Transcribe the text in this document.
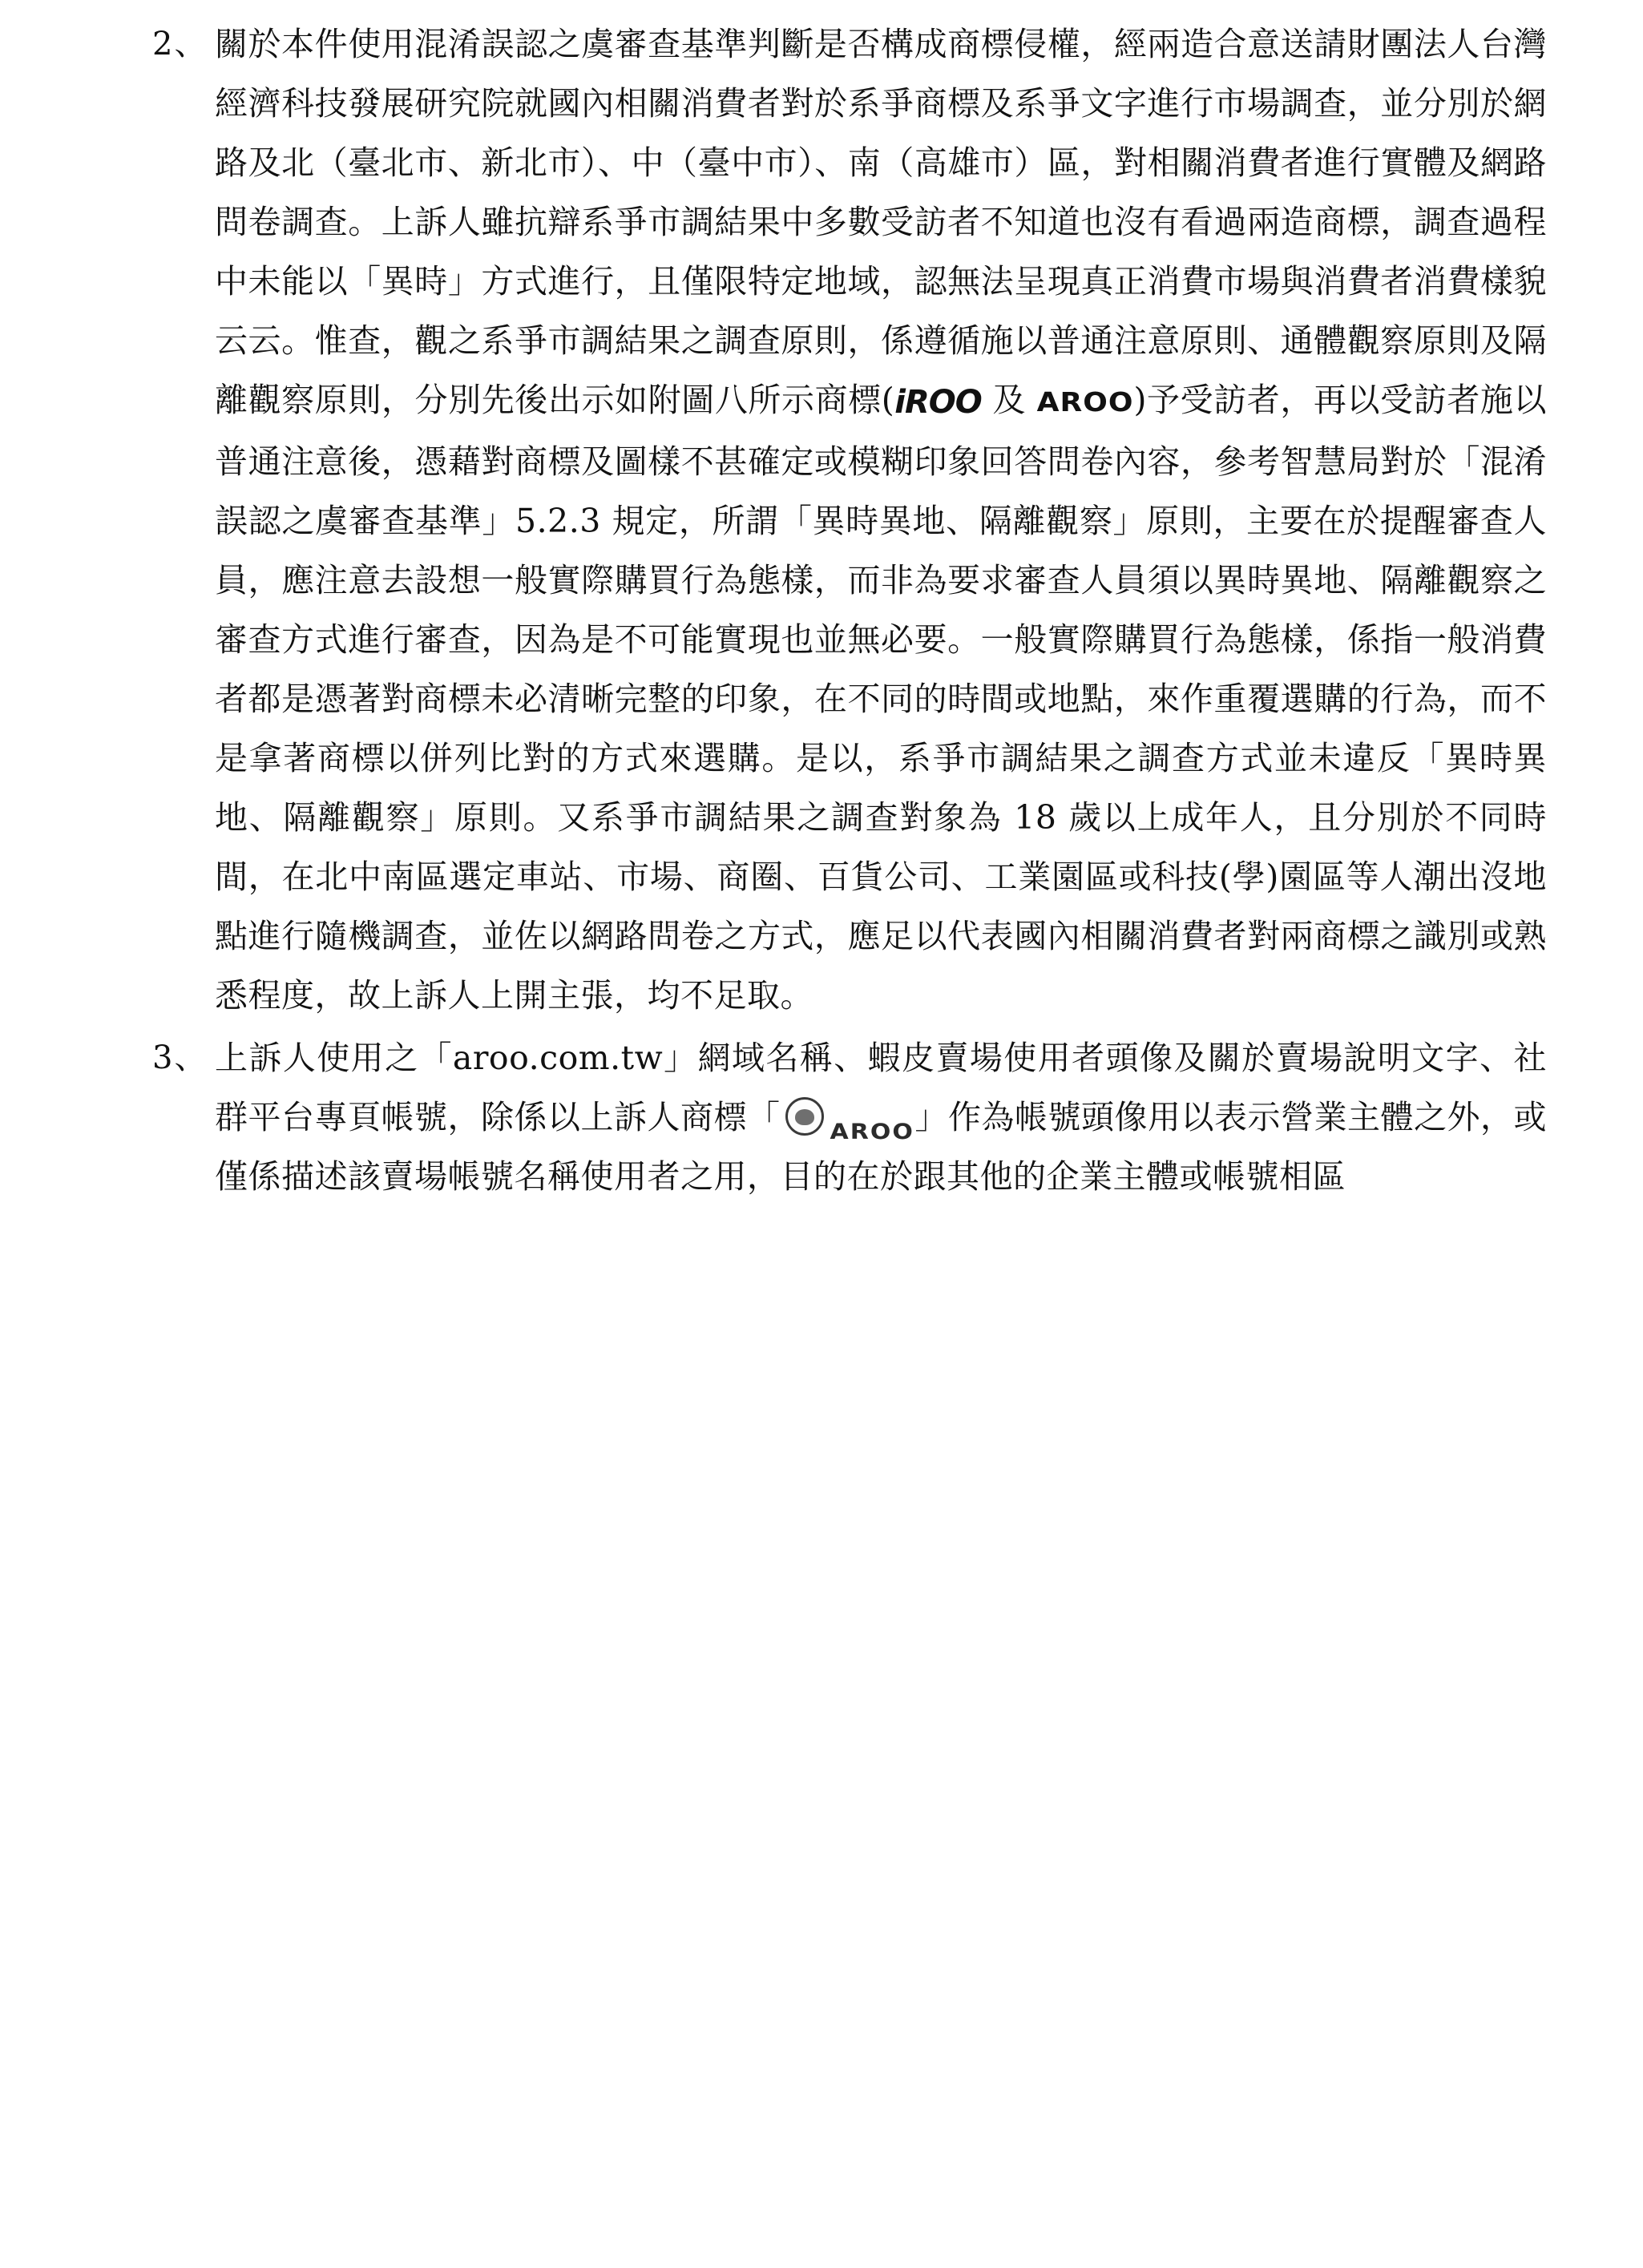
2、 關於本件使用混淆誤認之虞審查基準判斷是否構成商標侵權，經兩造合意送請財團法人台灣經濟科技發展研究院就國內相關消費者對於系爭商標及系爭文字進行市場調查，並分別於網路及北（臺北市、新北市）、中（臺中市）、南（高雄市）區，對相關消費者進行實體及網路問卷調查。上訴人雖抗辯系爭市調結果中多數受訪者不知道也沒有看過兩造商標，調查過程中未能以「異時」方式進行，且僅限特定地域，認無法呈現真正消費市場與消費者消費樣貌云云。惟查，觀之系爭市調結果之調查原則，係遵循施以普通注意原則、通體觀察原則及隔離觀察原則，分別先後出示如附圖八所示商標(iROO 及 AROO)予受訪者，再以受訪者施以普通注意後，憑藉對商標及圖樣不甚確定或模糊印象回答問卷內容，參考智慧局對於「混淆誤認之虞審查基準」5.2.3 規定，所謂「異時異地、隔離觀察」原則，主要在於提醒審查人員，應注意去設想一般實際購買行為態樣，而非為要求審查人員須以異時異地、隔離觀察之審查方式進行審查，因為是不可能實現也並無必要。一般實際購買行為態樣，係指一般消費者都是憑著對商標未必清晰完整的印象，在不同的時間或地點，來作重覆選購的行為，而不是拿著商標以併列比對的方式來選購。是以，系爭市調結果之調查方式並未違反「異時異地、隔離觀察」原則。又系爭市調結果之調查對象為 18 歲以上成年人，且分別於不同時間，在北中南區選定車站、市場、商圈、百貨公司、工業園區或科技(學)園區等人潮出沒地點進行隨機調查，並佐以網路問卷之方式，應足以代表國內相關消費者對兩商標之識別或熟悉程度，故上訴人上開主張，均不足取。
3、 上訴人使用之「aroo.com.tw」網域名稱、蝦皮賣場使用者頭像及關於賣場說明文字、社群平台專頁帳號，除係以上訴人商標「 AROO 」作為帳號頭像用以表示營業主體之外，或僅係描述該賣場帳號名稱使用者之用，目的在於跟其他的企業主體或帳號相區
